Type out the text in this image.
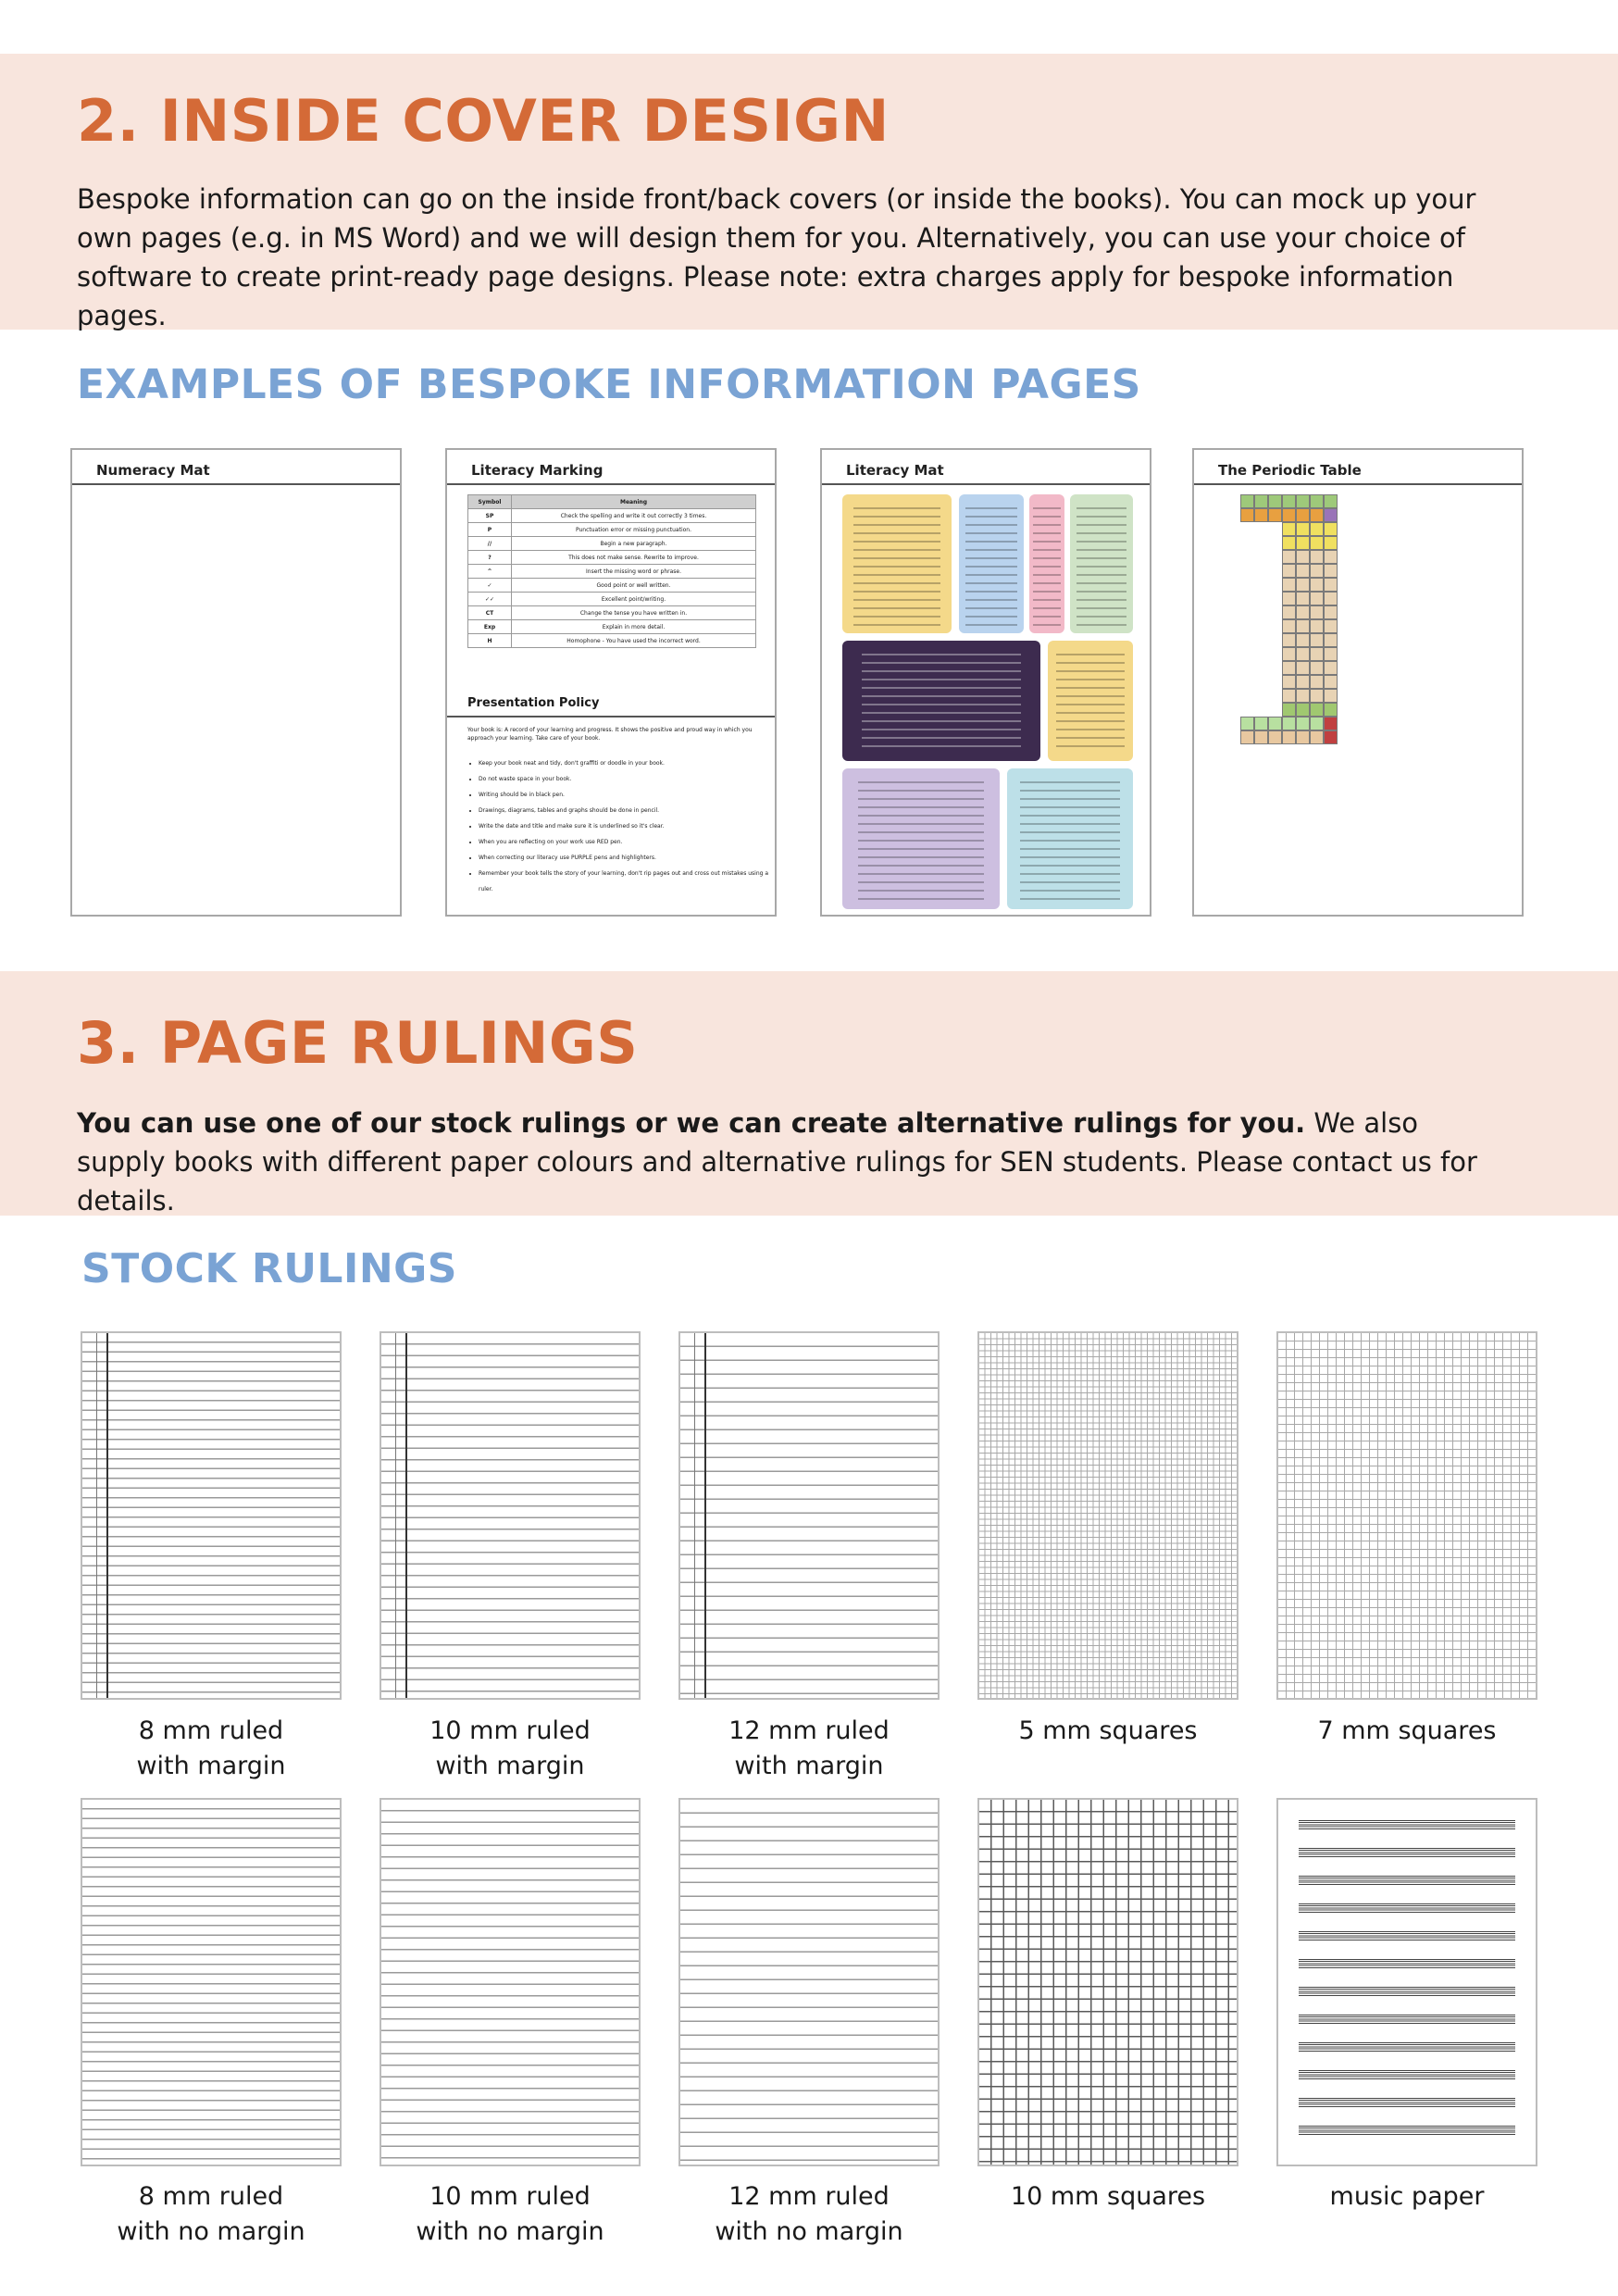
2. INSIDE COVER DESIGN

Bespoke information can go on the inside front/back covers (or inside the books). You can mock up your own pages (e.g. in MS Word) and we will design them for you. Alternatively, you can use your choice of software to create print-ready page designs. Please note: extra charges apply for bespoke information pages.

EXAMPLES OF BESPOKE INFORMATION PAGES
Numeracy Mat	Literacy Marking
Symbol	Meaning
SP	Check the spelling and write it out correctly 3 times.
P	Punctuation error or missing punctuation.
//	Begin a new paragraph.
?	This does not make sense. Rewrite to improve.
^	Insert the missing word or phrase.
✓	Good point or well written.
✓✓	Excellent point/writing.
CT	Change the tense you have written in.
Exp	Explain in more detail.
H	Homophone - You have used the incorrect word.
Presentation Policy

Your book is: A record of your learning and progress. It shows the positive and proud way in which you approach your learning. Take care of your book.

• Keep your book neat and tidy, don't graffiti or doodle in your book.
• Do not waste space in your book.
• Writing should be in black pen.
• Drawings, diagrams, tables and graphs should be done in pencil.
• Write the date and title and make sure it is underlined so it's clear.
• When you are reflecting on your work use RED pen.
• When correcting our literacy use PURPLE pens and highlighters.
• Remember your book tells the story of your learning, don't rip pages out and cross out mistakes using a ruler.
Literacy Mat	The Periodic Table
3. PAGE RULINGS

You can use one of our stock rulings or we can create alternative rulings for you. We also supply books with different paper colours and alternative rulings for SEN students. Please contact us for details.

STOCK RULINGS
8 mm ruled
with margin
10 mm ruled
with margin
12 mm ruled
with margin
5 mm squares	7 mm squares
8 mm ruled
with no margin
10 mm ruled
with no margin
12 mm ruled
with no margin
10 mm squares	music paper
